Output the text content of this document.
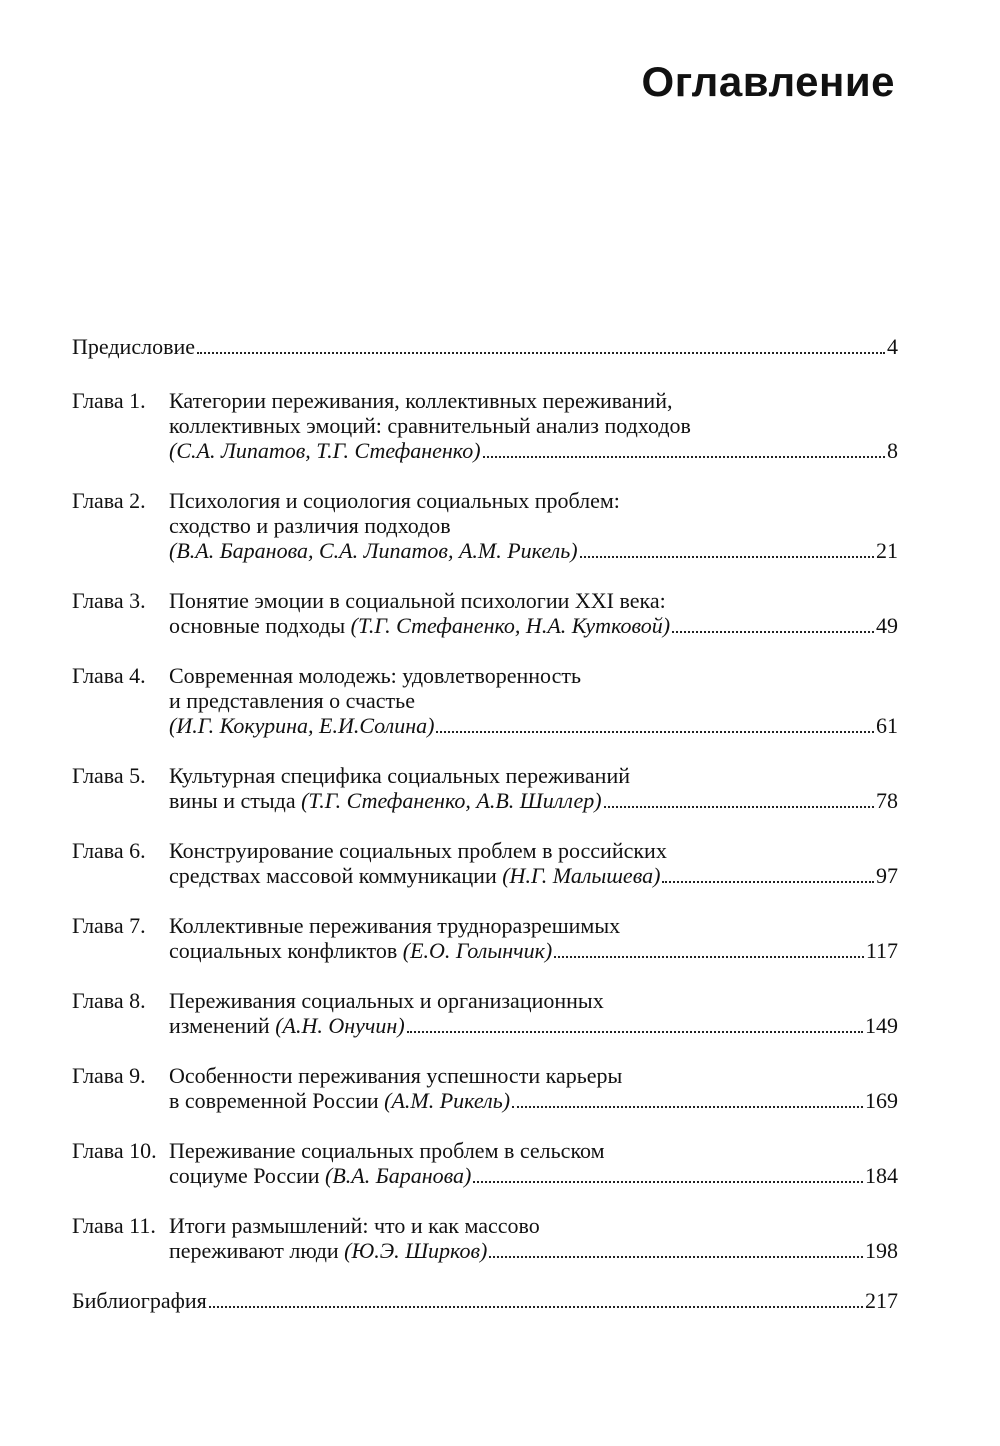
Оглавление
Предисловие	4
Глава 1.	Категории переживания, коллективных переживаний,
коллективных эмоций: сравнительный анализ подходов
(С.А. Липатов, Т.Г. Стефаненко)	8
Глава 2.	Психология и социология социальных проблем:
сходство и различия подходов
(В.А. Баранова, С.А. Липатов, А.М. Рикель)	21
Глава 3.	Понятие эмоции в социальной психологии XXI века:
основные подходы (Т.Г. Стефаненко, Н.А. Кутковой)	49
Глава 4.	Современная молодежь: удовлетворенность
и представления о счастье
(И.Г. Кокурина, Е.И.Солина)	61
Глава 5.	Культурная специфика социальных переживаний
вины и стыда (Т.Г. Стефаненко, А.В. Шиллер)	78
Глава 6.	Конструирование социальных проблем в российских
средствах массовой коммуникации (Н.Г. Малышева)	97
Глава 7.	Коллективные переживания трудноразрешимых
социальных конфликтов (Е.О. Голынчик)	117
Глава 8.	Переживания социальных и организационных
изменений (А.Н. Онучин)	149
Глава 9.	Особенности переживания успешности карьеры
в современной России (А.М. Рикель)	169
Глава 10. Переживание социальных проблем в сельском
социуме России (В.А. Баранова)	184
Глава 11. Итоги размышлений: что и как массово
переживают люди (Ю.Э. Ширков)	198
Библиография	217
